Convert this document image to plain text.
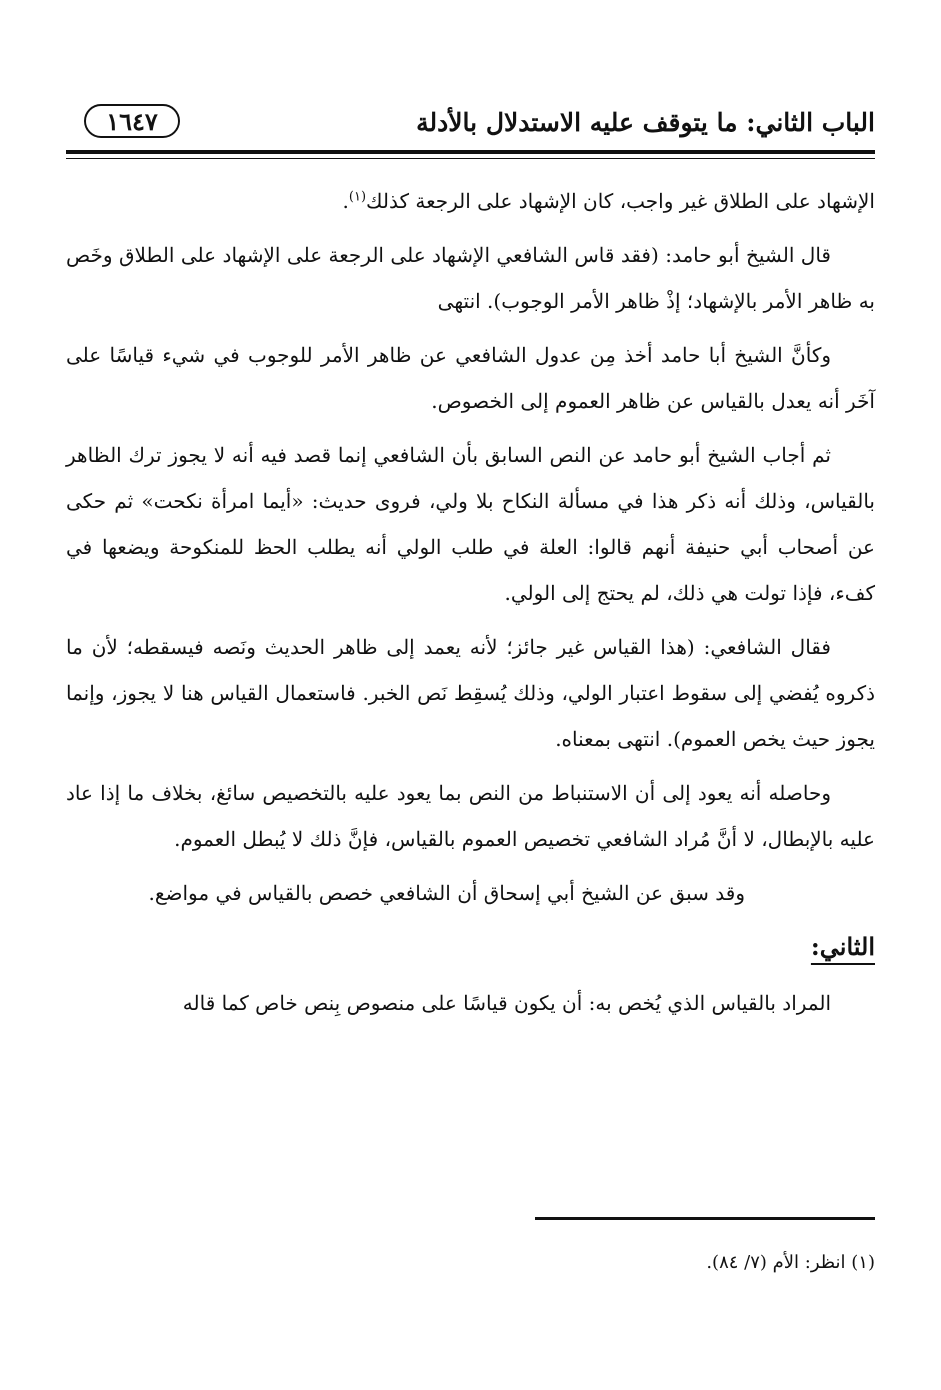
الباب الثاني: ما يتوقف عليه الاستدلال بالأدلة
١٦٤٧

الإشهاد على الطلاق غير واجب، كان الإشهاد على الرجعة كذلك$^{(١)}$.

قال الشيخ أبو حامد: (فقد قاس الشافعي الإشهاد على الرجعة على الإشهاد على الطلاق وخَص به ظاهر الأمر بالإشهاد؛ إذْ ظاهر الأمر الوجوب). انتهى

وكأنَّ الشيخ أبا حامد أخذ مِن عدول الشافعي عن ظاهر الأمر للوجوب في شيء قياسًا على آخَر أنه يعدل بالقياس عن ظاهر العموم إلى الخصوص.

ثم أجاب الشيخ أبو حامد عن النص السابق بأن الشافعي إنما قصد فيه أنه لا يجوز ترك الظاهر بالقياس، وذلك أنه ذكر هذا في مسألة النكاح بلا ولي، فروى حديث: «أيما امرأة نكحت» ثم حكى عن أصحاب أبي حنيفة أنهم قالوا: العلة في طلب الولي أنه يطلب الحظ للمنكوحة ويضعها في كفء، فإذا تولت هي ذلك، لم يحتج إلى الولي.

فقال الشافعي: (هذا القياس غير جائز؛ لأنه يعمد إلى ظاهر الحديث ونَصه فيسقطه؛ لأن ما ذكروه يُفضي إلى سقوط اعتبار الولي، وذلك يُسقِط نَص الخبر. فاستعمال القياس هنا لا يجوز، وإنما يجوز حيث يخص العموم). انتهى بمعناه.

وحاصله أنه يعود إلى أن الاستنباط من النص بما يعود عليه بالتخصيص سائغ، بخلاف ما إذا عاد عليه بالإبطال، لا أنَّ مُراد الشافعي تخصيص العموم بالقياس، فإنَّ ذلك لا يُبطل العموم.

وقد سبق عن الشيخ أبي إسحاق أن الشافعي خصص بالقياس في مواضع.

الثاني:

المراد بالقياس الذي يُخص به: أن يكون قياسًا على منصوص بِنص خاص كما قاله

(١) انظر: الأم (٧/ ٨٤).
